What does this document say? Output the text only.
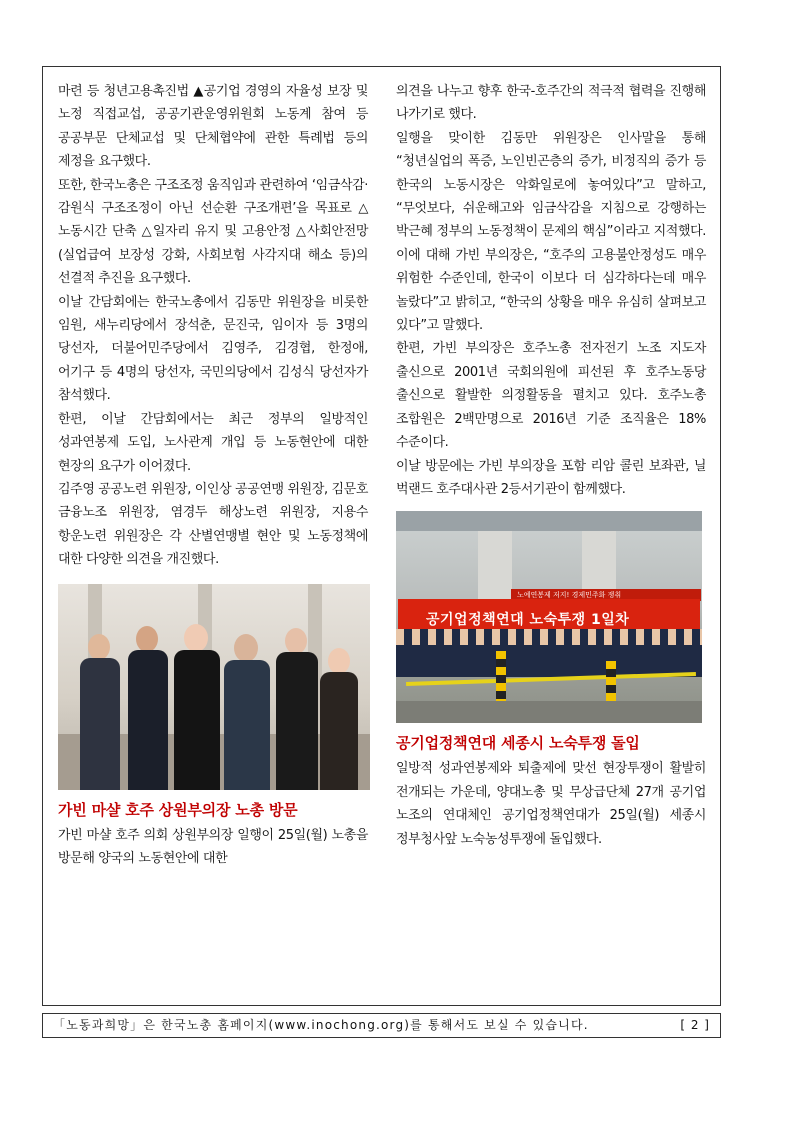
마련 등 청년고용촉진법 ▲공기업 경영의 자율성 보장 및 노정 직접교섭, 공공기관운영위원회 노동계 참여 등 공공부문 단체교섭 및 단체협약에 관한 특례법 등의 제정을 요구했다.

또한, 한국노총은 구조조정 움직임과 관련하여 ‘임금삭감·감원식 구조조정이 아닌 선순환 구조개편’을 목표로 △노동시간 단축 △일자리 유지 및 고용안정 △사회안전망(실업급여 보장성 강화, 사회보험 사각지대 해소 등)의 선결적 추진을 요구했다.

이날 간담회에는 한국노총에서 김동만 위원장을 비롯한 임원, 새누리당에서 장석춘, 문진국, 임이자 등 3명의 당선자, 더불어민주당에서 김영주, 김경협, 한정애, 어기구 등 4명의 당선자, 국민의당에서 김성식 당선자가 참석했다.

한편, 이날 간담회에서는 최근 정부의 일방적인 성과연봉제 도입, 노사관계 개입 등 노동현안에 대한 현장의 요구가 이어졌다.

김주영 공공노련 위원장, 이인상 공공연맹 위원장, 김문호 금융노조 위원장, 염경두 해상노련 위원장, 지용수 항운노련 위원장은 각 산별연맹별 현안 및 노동정책에 대한 다양한 의견을 개진했다.

가빈 마샬 호주 상원부의장 노총 방문

가빈 마샬 호주 의회 상원부의장 일행이 25일(월) 노총을 방문해 양국의 노동현안에 대한

의견을 나누고 향후 한국-호주간의 적극적 협력을 진행해 나가기로 했다.

일행을 맞이한 김동만 위원장은 인사말을 통해 “청년실업의 폭증, 노인빈곤층의 증가, 비정직의 증가 등 한국의 노동시장은 악화일로에 놓여있다”고 말하고, “무엇보다, 쉬운해고와 임금삭감을 지침으로 강행하는 박근혜 정부의 노동정책이 문제의 핵심”이라고 지적했다. 이에 대해 가빈 부의장은, “호주의 고용불안정성도 매우 위험한 수준인데, 한국이 이보다 더 심각하다는데 매우 놀랐다”고 밝히고, “한국의 상황을 매우 유심히 살펴보고 있다”고 말했다.

한편, 가빈 부의장은 호주노총 전자전기 노조 지도자 출신으로 2001년 국회의원에 피선된 후 호주노동당 출신으로 활발한 의정활동을 펼치고 있다. 호주노총 조합원은 2백만명으로 2016년 기준 조직율은 18% 수준이다.

이날 방문에는 가빈 부의장을 포함 리암 콜린 보좌관, 닐 벅랜드 호주대사관 2등서기관이 함께했다.

노예연봉제 저지! 경제민주화 쟁취
공기업정책연대 노숙투쟁 1일차
공기업정책연대 세종시 노숙투쟁 돌입

일방적 성과연봉제와 퇴출제에 맞선 현장투쟁이 활발히 전개되는 가운데, 양대노총 및 무상급단체 27개 공기업 노조의 연대체인 공기업정책연대가 25일(월) 세종시 정부청사앞 노숙농성투쟁에 돌입했다.

「노동과희망」은 한국노총 홈페이지(www.inochong.org)를 통해서도 보실 수 있습니다.	[ 2 ]
